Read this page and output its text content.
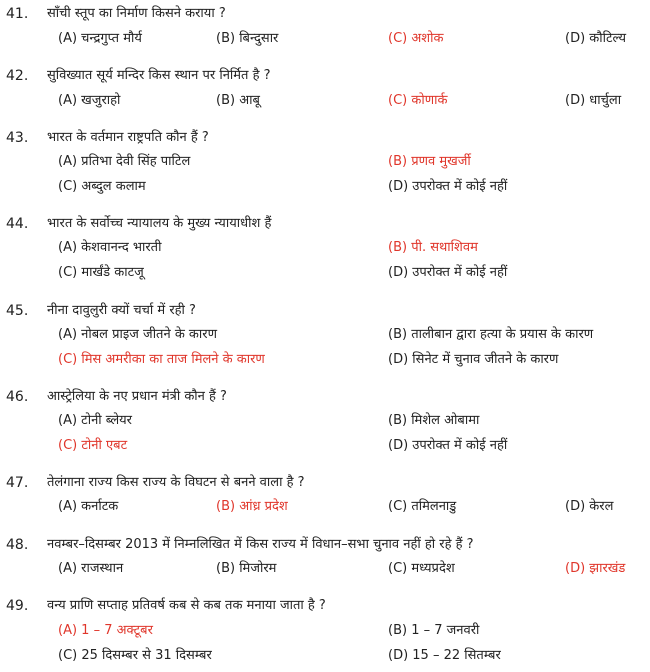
41. साँची स्तूप का निर्माण किसने कराया ?
(A) चन्द्रगुप्त मौर्य	(B) बिन्दुसार	(C) अशोक	(D) कौटिल्य
42. सुविख्यात सूर्य मन्दिर किस स्थान पर निर्मित है ?
(A) खजुराहो	(B) आबू	(C) कोणार्क	(D) धार्चुला
43. भारत के वर्तमान राष्ट्रपति कौन हैं ?
(A) प्रतिभा देवी सिंह पाटिल	(B) प्रणव मुखर्जी
(C) अब्दुल कलाम	(D) उपरोक्त में कोई नहीं
44. भारत के सर्वोच्च न्यायालय के मुख्य न्यायाधीश हैं
(A) केशवानन्द भारती	(B) पी. सथाशिवम
(C) मार्खंडे काटजू	(D) उपरोक्त में कोई नहीं
45. नीना दावुलुरी क्यों चर्चा में रही ?
(A) नोबल प्राइज जीतने के कारण	(B) तालीबान द्वारा हत्या के प्रयास के कारण
(C) मिस अमरीका का ताज मिलने के कारण	(D) सिनेट में चुनाव जीतने के कारण
46. आस्ट्रेलिया के नए प्रधान मंत्री कौन हैं ?
(A) टोनी ब्लेयर	(B) मिशेल ओबामा
(C) टोनी एबट	(D) उपरोक्त में कोई नहीं
47. तेलंगाना राज्य किस राज्य के विघटन से बनने वाला है ?
(A) कर्नाटक	(B) आंध्र प्रदेश	(C) तमिलनाडु	(D) केरल
48. नवम्बर–दिसम्बर 2013 में निम्नलिखित में किस राज्य में विधान–सभा चुनाव नहीं हो रहे हैं ?
(A) राजस्थान	(B) मिजोरम	(C) मध्यप्रदेश	(D) झारखंड
49. वन्य प्राणि सप्ताह प्रतिवर्ष कब से कब तक मनाया जाता है ?
(A) 1 – 7 अक्टूबर	(B) 1 – 7 जनवरी
(C) 25 दिसम्बर से 31 दिसम्बर	(D) 15 – 22 सितम्बर
